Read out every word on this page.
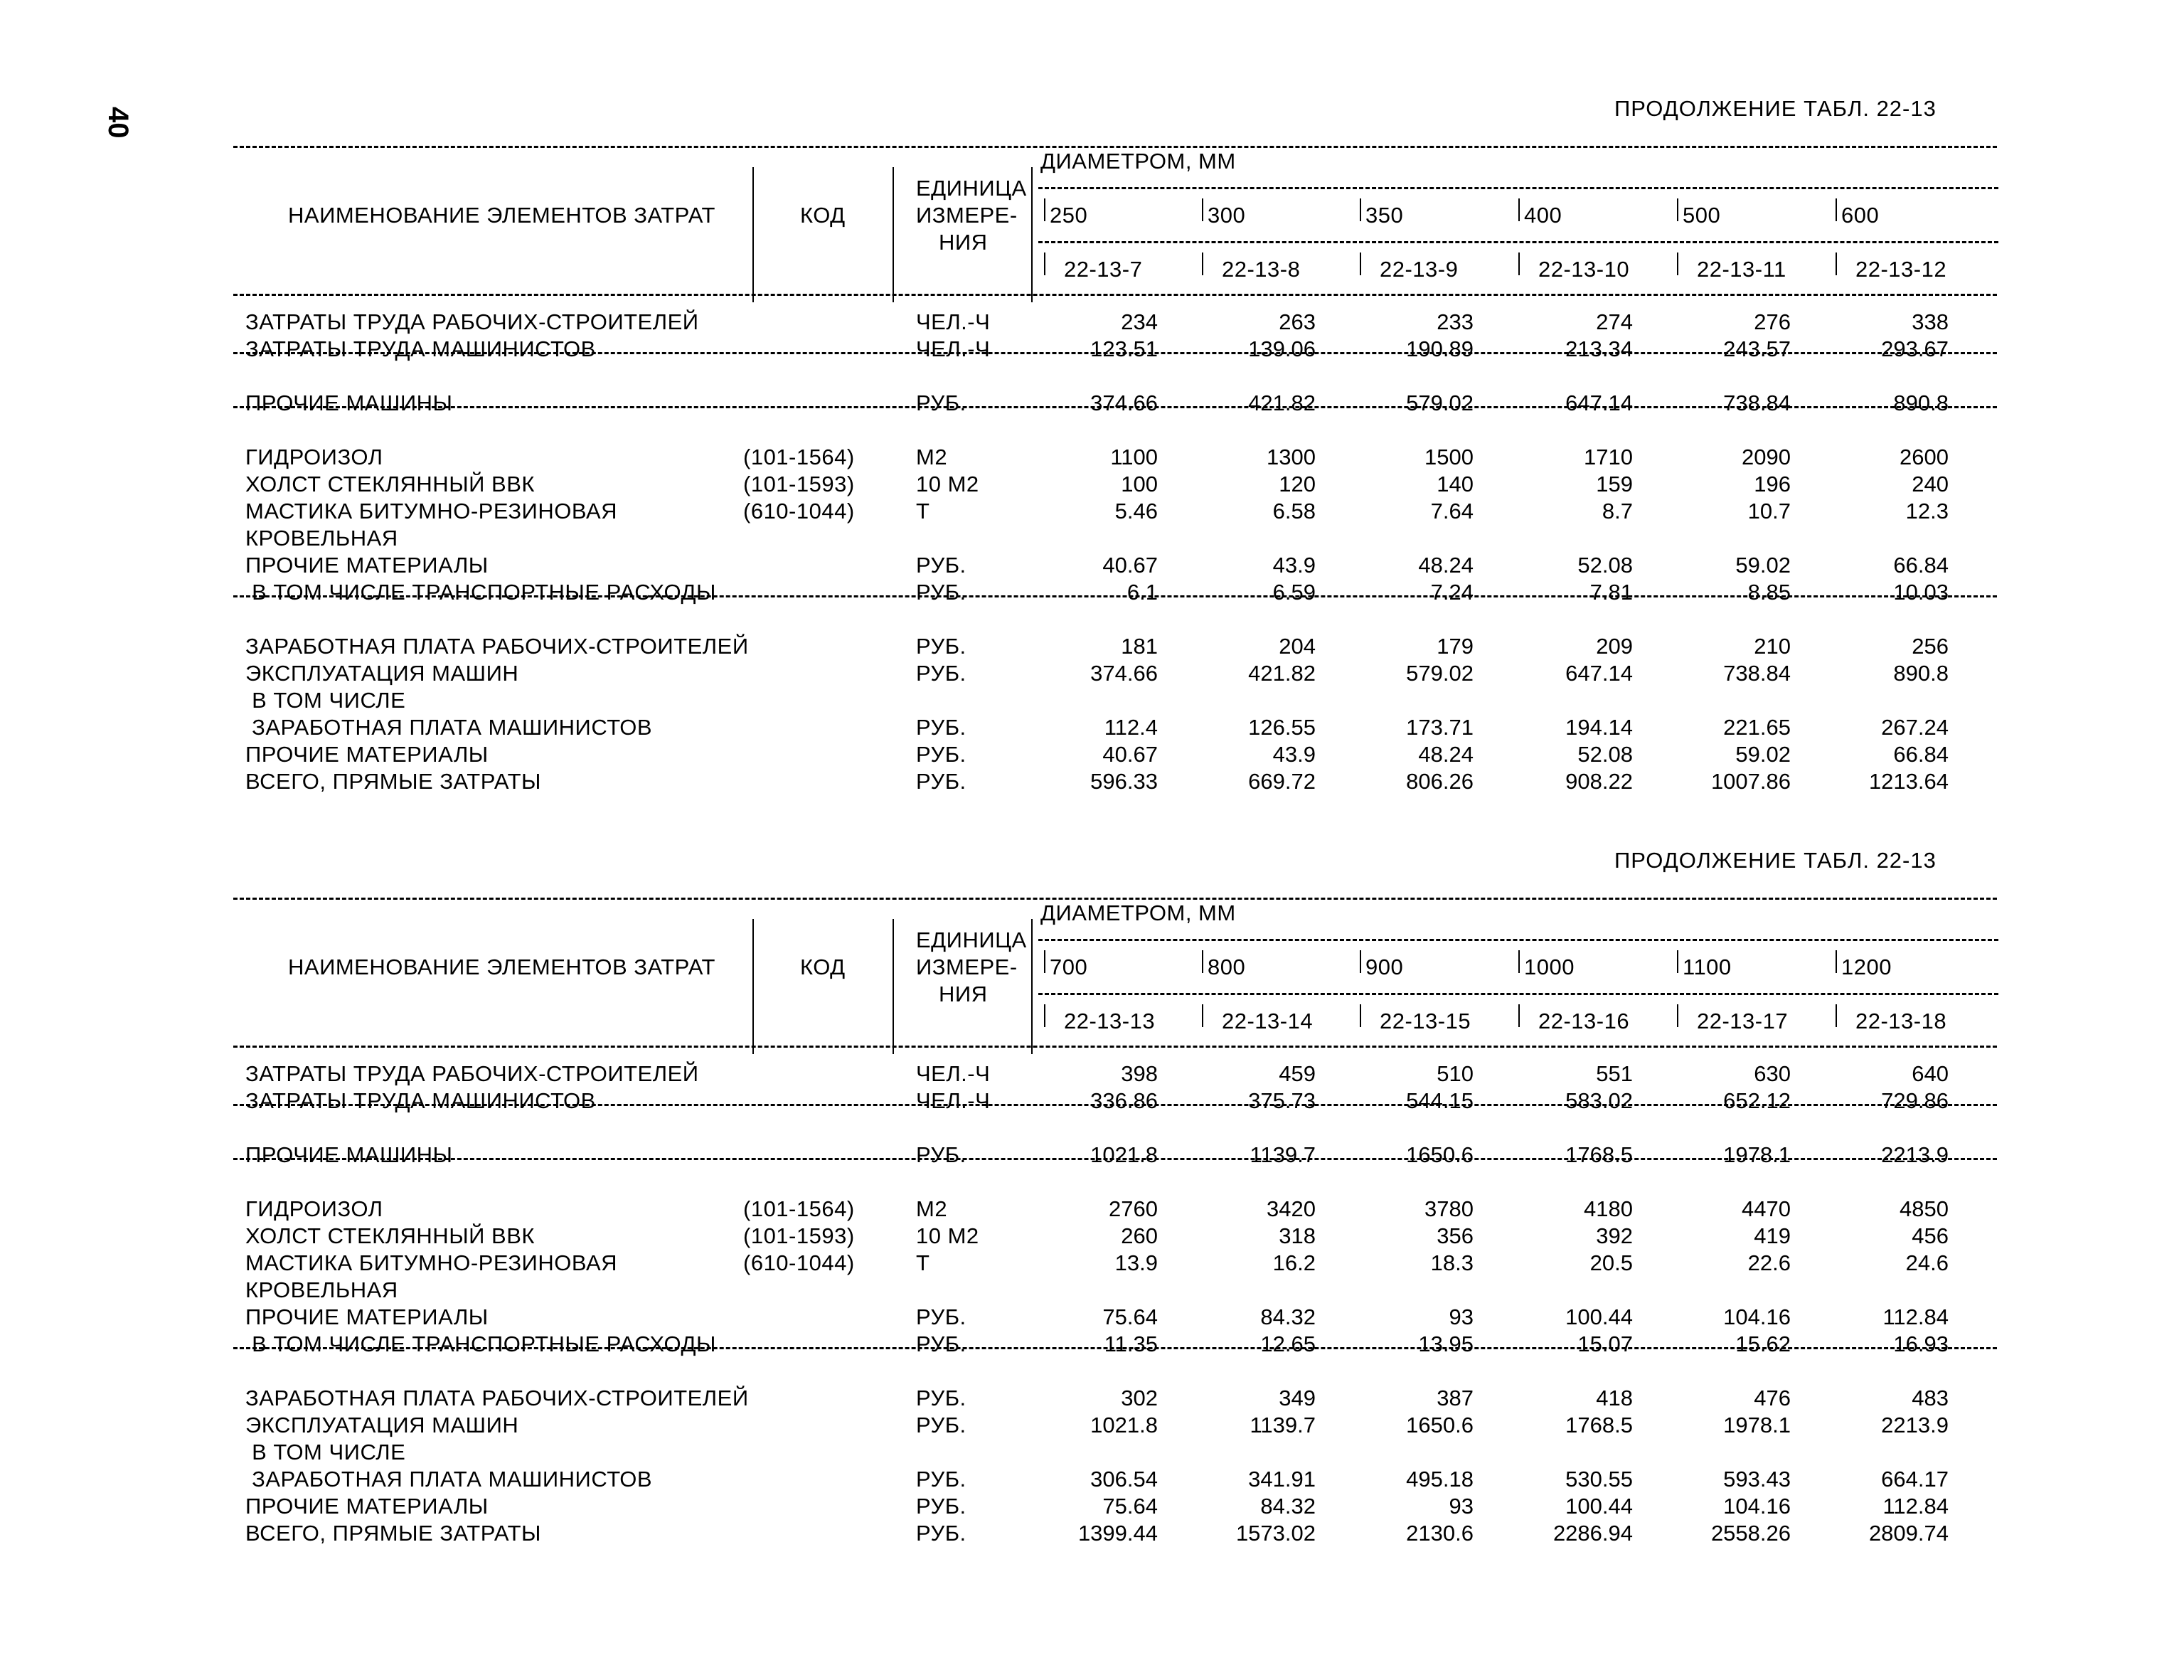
40	ПРОДОЛЖЕНИЕ ТАБЛ. 22-13
НАИМЕНОВАНИЕ ЭЛЕМЕНТОВ ЗАТРАТ	КОД
ЕДИНИЦА
ИЗМЕРЕ-
НИЯ
ДИАМЕТРОМ, ММ
250	300	350	400	500	600
22-13-7	22-13-8	22-13-9	22-13-10	22-13-11	22-13-12
ЗАТРАТЫ ТРУДА РАБОЧИХ-СТРОИТЕЛЕЙ	ЧЕЛ.-Ч	234	263	233	274	276	338
ЗАТРАТЫ ТРУДА МАШИНИСТОВ	ЧЕЛ.-Ч	123.51	139.06	190.89	213.34	243.57	293.67
ПРОЧИЕ МАШИНЫ	РУБ.	374.66	421.82	579.02	647.14	738.84	890.8
ГИДРОИЗОЛ	(101-1564)	М2	1100	1300	1500	1710	2090	2600
ХОЛСТ СТЕКЛЯННЫЙ ВВК	(101-1593)	10 М2	100	120	140	159	196	240
МАСТИКА БИТУМНО-РЕЗИНОВАЯ	(610-1044)	Т	5.46	6.58	7.64	8.7	10.7	12.3
КРОВЕЛЬНАЯ
ПРОЧИЕ МАТЕРИАЛЫ	РУБ.	40.67	43.9	48.24	52.08	59.02	66.84
В ТОМ ЧИСЛЕ ТРАНСПОРТНЫЕ РАСХОДЫ	РУБ.	6.1	6.59	7.24	7.81	8.85	10.03
ЗАРАБОТНАЯ ПЛАТА РАБОЧИХ-СТРОИТЕЛЕЙ	РУБ.	181	204	179	209	210	256
ЭКСПЛУАТАЦИЯ МАШИН	РУБ.	374.66	421.82	579.02	647.14	738.84	890.8
В ТОМ ЧИСЛЕ
ЗАРАБОТНАЯ ПЛАТА МАШИНИСТОВ	РУБ.	112.4	126.55	173.71	194.14	221.65	267.24
ПРОЧИЕ МАТЕРИАЛЫ	РУБ.	40.67	43.9	48.24	52.08	59.02	66.84
ВСЕГО, ПРЯМЫЕ ЗАТРАТЫ	РУБ.	596.33	669.72	806.26	908.22	1007.86	1213.64
ПРОДОЛЖЕНИЕ ТАБЛ. 22-13
НАИМЕНОВАНИЕ ЭЛЕМЕНТОВ ЗАТРАТ	КОД
ЕДИНИЦА
ИЗМЕРЕ-
НИЯ
ДИАМЕТРОМ, ММ
700	800	900	1000	1100	1200
22-13-13	22-13-14	22-13-15	22-13-16	22-13-17	22-13-18
ЗАТРАТЫ ТРУДА РАБОЧИХ-СТРОИТЕЛЕЙ	ЧЕЛ.-Ч	398	459	510	551	630	640
ЗАТРАТЫ ТРУДА МАШИНИСТОВ	ЧЕЛ.-Ч	336.86	375.73	544.15	583.02	652.12	729.86
ПРОЧИЕ МАШИНЫ	РУБ.	1021.8	1139.7	1650.6	1768.5	1978.1	2213.9
ГИДРОИЗОЛ	(101-1564)	М2	2760	3420	3780	4180	4470	4850
ХОЛСТ СТЕКЛЯННЫЙ ВВК	(101-1593)	10 М2	260	318	356	392	419	456
МАСТИКА БИТУМНО-РЕЗИНОВАЯ	(610-1044)	Т	13.9	16.2	18.3	20.5	22.6	24.6
КРОВЕЛЬНАЯ
ПРОЧИЕ МАТЕРИАЛЫ	РУБ.	75.64	84.32	93	100.44	104.16	112.84
В ТОМ ЧИСЛЕ ТРАНСПОРТНЫЕ РАСХОДЫ	РУБ.	11.35	12.65	13.95	15.07	15.62	16.93
ЗАРАБОТНАЯ ПЛАТА РАБОЧИХ-СТРОИТЕЛЕЙ	РУБ.	302	349	387	418	476	483
ЭКСПЛУАТАЦИЯ МАШИН	РУБ.	1021.8	1139.7	1650.6	1768.5	1978.1	2213.9
В ТОМ ЧИСЛЕ
ЗАРАБОТНАЯ ПЛАТА МАШИНИСТОВ	РУБ.	306.54	341.91	495.18	530.55	593.43	664.17
ПРОЧИЕ МАТЕРИАЛЫ	РУБ.	75.64	84.32	93	100.44	104.16	112.84
ВСЕГО, ПРЯМЫЕ ЗАТРАТЫ	РУБ.	1399.44	1573.02	2130.6	2286.94	2558.26	2809.74
